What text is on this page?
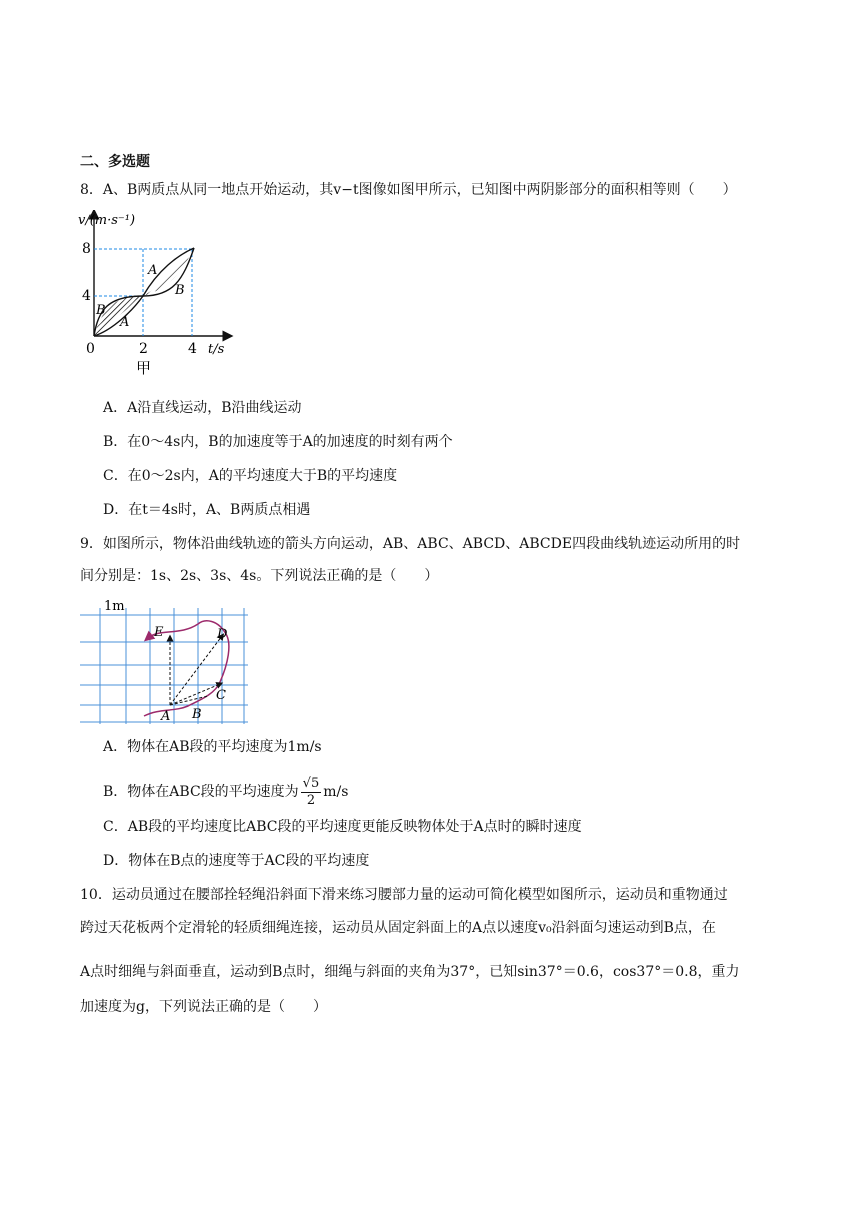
二、多选题
8．A、B两质点从同一地点开始运动，其v−t图像如图甲所示，已知图中两阴影部分的面积相等则（　　）
v/(m·s⁻¹)
8
4
0	2	4 t/s
A
B
B
A
甲
A．A沿直线运动，B沿曲线运动
B．在0～4s内，B的加速度等于A的加速度的时刻有两个
C．在0～2s内，A的平均速度大于B的平均速度
D．在t＝4s时，A、B两质点相遇
9．如图所示，物体沿曲线轨迹的箭头方向运动，AB、ABC、ABCD、ABCDE四段曲线轨迹运动所用的时
间分别是：1s、2s、3s、4s。下列说法正确的是（　　）
1m
E	D
C
A B
A．物体在AB段的平均速度为1m/s
B．物体在ABC段的平均速度为 $\frac{√5}{2} m/s$
C．AB段的平均速度比ABC段的平均速度更能反映物体处于A点时的瞬时速度
D．物体在B点的速度等于AC段的平均速度
10．运动员通过在腰部拴轻绳沿斜面下滑来练习腰部力量的运动可简化模型如图所示，运动员和重物通过
跨过天花板两个定滑轮的轻质细绳连接，运动员从固定斜面上的A点以速度v₀沿斜面匀速运动到B点，在
A点时细绳与斜面垂直，运动到B点时，细绳与斜面的夹角为37°，已知sin37°＝0.6，cos37°＝0.8，重力
加速度为g，下列说法正确的是（　　）
